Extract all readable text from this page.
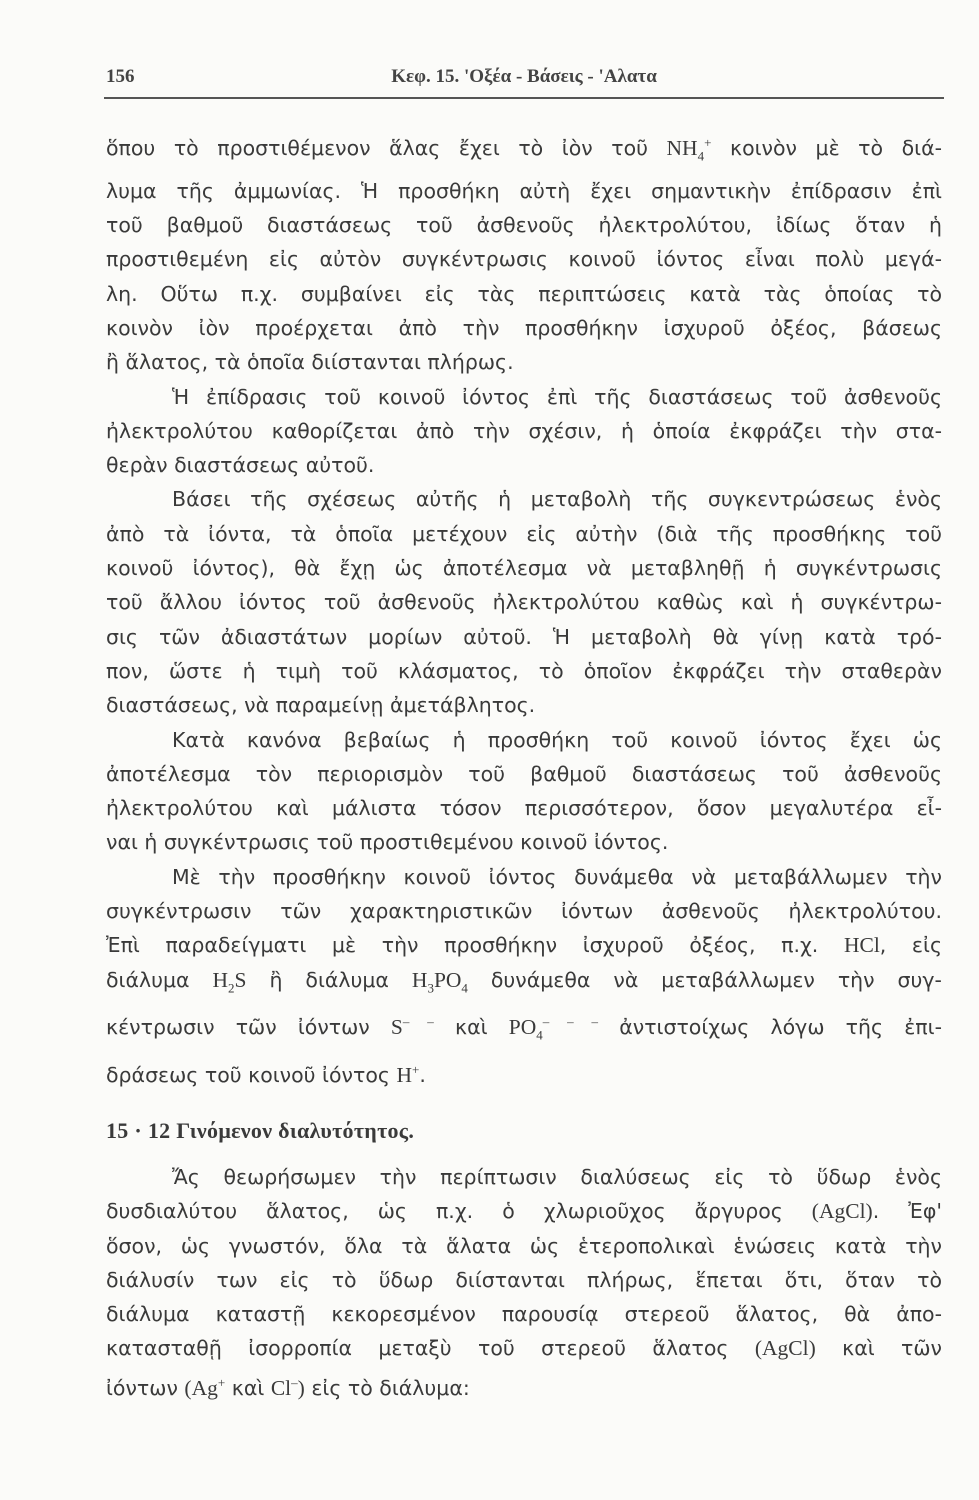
156	Κεφ. 15. 'Οξέα - Βάσεις - 'Αλατα
ὅπου τὸ προστιθέμενον ἅλας ἔχει τὸ ἰὸν τοῦ $NH_4^+$ κοινὸν μὲ τὸ διά-
λυμα τῆς ἀμμωνίας. Ἡ προσθήκη αὐτὴ ἔχει σημαντικὴν ἐπίδρασιν ἐπὶ
τοῦ βαθμοῦ διαστάσεως τοῦ ἀσθενοῦς ἠλεκτρολύτου, ἰδίως ὅταν ἡ
προστιθεμένη εἰς αὐτὸν συγκέντρωσις κοινοῦ ἰόντος εἶναι πολὺ μεγά-
λη. Οὕτω π.χ. συμβαίνει εἰς τὰς περιπτώσεις κατὰ τὰς ὁποίας τὸ
κοινὸν ἰὸν προέρχεται ἀπὸ τὴν προσθήκην ἰσχυροῦ ὀξέος, βάσεως
ἢ ἅλατος, τὰ ὁποῖα διίστανται πλήρως.
Ἡ ἐπίδρασις τοῦ κοινοῦ ἰόντος ἐπὶ τῆς διαστάσεως τοῦ ἀσθενοῦς
ἠλεκτρολύτου καθορίζεται ἀπὸ τὴν σχέσιν, ἡ ὁποία ἐκφράζει τὴν στα-
θερὰν διαστάσεως αὐτοῦ.
Βάσει τῆς σχέσεως αὐτῆς ἡ μεταβολὴ τῆς συγκεντρώσεως ἑνὸς
ἀπὸ τὰ ἰόντα, τὰ ὁποῖα μετέχουν εἰς αὐτὴν (διὰ τῆς προσθήκης τοῦ
κοινοῦ ἰόντος), θὰ ἔχῃ ὡς ἀποτέλεσμα νὰ μεταβληθῇ ἡ συγκέντρωσις
τοῦ ἄλλου ἰόντος τοῦ ἀσθενοῦς ἠλεκτρολύτου καθὼς καὶ ἡ συγκέντρω-
σις τῶν ἀδιαστάτων μορίων αὐτοῦ. Ἡ μεταβολὴ θὰ γίνῃ κατὰ τρό-
πον, ὥστε ἡ τιμὴ τοῦ κλάσματος, τὸ ὁποῖον ἐκφράζει τὴν σταθερὰν
διαστάσεως, νὰ παραμείνῃ ἀμετάβλητος.
Κατὰ κανόνα βεβαίως ἡ προσθήκη τοῦ κοινοῦ ἰόντος ἔχει ὡς
ἀποτέλεσμα τὸν περιορισμὸν τοῦ βαθμοῦ διαστάσεως τοῦ ἀσθενοῦς
ἠλεκτρολύτου καὶ μάλιστα τόσον περισσότερον, ὅσον μεγαλυτέρα εἶ-
ναι ἡ συγκέντρωσις τοῦ προστιθεμένου κοινοῦ ἰόντος.
Μὲ τὴν προσθήκην κοινοῦ ἰόντος δυνάμεθα νὰ μεταβάλλωμεν τὴν
συγκέντρωσιν τῶν χαρακτηριστικῶν ἰόντων ἀσθενοῦς ἠλεκτρολύτου.
Ἐπὶ παραδείγματι μὲ τὴν προσθήκην ἰσχυροῦ ὀξέος, π.χ. HCl, εἰς
διάλυμα $H_2S$ ἢ διάλυμα $H_3PO_4$ δυνάμεθα νὰ μεταβάλλωμεν τὴν συγ-
κέντρωσιν τῶν ἰόντων S– – καὶ $PO_4^{- - -}$ ἀντιστοίχως λόγω τῆς ἐπι-
δράσεως τοῦ κοινοῦ ἰόντος H+.
15 · 12 Γινόμενον διαλυτότητος.
Ἄς θεωρήσωμεν τὴν περίπτωσιν διαλύσεως εἰς τὸ ὕδωρ ἑνὸς
δυσδιαλύτου ἅλατος, ὡς π.χ. ὁ χλωριοῦχος ἄργυρος (AgCl). Ἐφ'
ὅσον, ὡς γνωστόν, ὅλα τὰ ἅλατα ὡς ἑτεροπολικαὶ ἑνώσεις κατὰ τὴν
διάλυσίν των εἰς τὸ ὕδωρ διίστανται πλήρως, ἕπεται ὅτι, ὅταν τὸ
διάλυμα καταστῇ κεκορεσμένον παρουσίᾳ στερεοῦ ἅλατος, θὰ ἀπο-
κατασταθῇ ἰσορροπία μεταξὺ τοῦ στερεοῦ ἅλατος (AgCl) καὶ τῶν
ἰόντων (Ag+ καὶ Cl–) εἰς τὸ διάλυμα:
